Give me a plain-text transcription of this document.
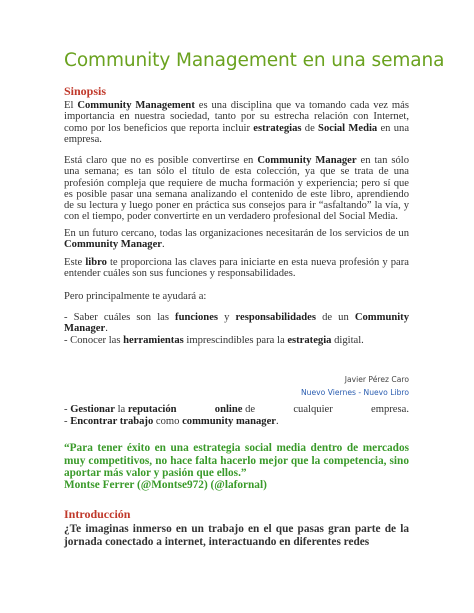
Community Management en una semana
Sinopsis
El Community Management es una disciplina que va tomando cada vez más importancia en nuestra sociedad, tanto por su estrecha relación con Internet, como por los beneficios que reporta incluir estrategias de Social Media en una empresa.
Está claro que no es posible convertirse en Community Manager en tan sólo una semana; es tan sólo el título de esta colección, ya que se trata de una profesión compleja que requiere de mucha formación y experiencia; pero sí que es posible pasar una semana analizando el contenido de este libro, aprendiendo de su lectura y luego poner en práctica sus consejos para ir “asfaltando” la vía, y con el tiempo, poder convertirte en un verdadero profesional del Social Media.
En un futuro cercano, todas las organizaciones necesitarán de los servicios de un Community Manager.
Este libro te proporciona las claves para iniciarte en esta nueva profesión y para entender cuáles son sus funciones y responsabilidades.
Pero principalmente te ayudará a:
- Saber cuáles son las funciones y responsabilidades de un Community Manager.
- Conocer las herramientas imprescindibles para la estrategia digital.
Javier Pérez Caro
Nuevo Viernes - Nuevo Libro
- Gestionar la reputación	online de	cualquier	empresa.
- Encontrar trabajo como community manager.
“Para tener éxito en una estrategia social media dentro de mercados muy competitivos, no hace falta hacerlo mejor que la competencia, sino aportar más valor y pasión que ellos.”
Montse Ferrer (@Montse972) (@lafornal)
Introducción
¿Te imaginas inmerso en un trabajo en el que pasas gran parte de la jornada conectado a internet, interactuando en diferentes redes
